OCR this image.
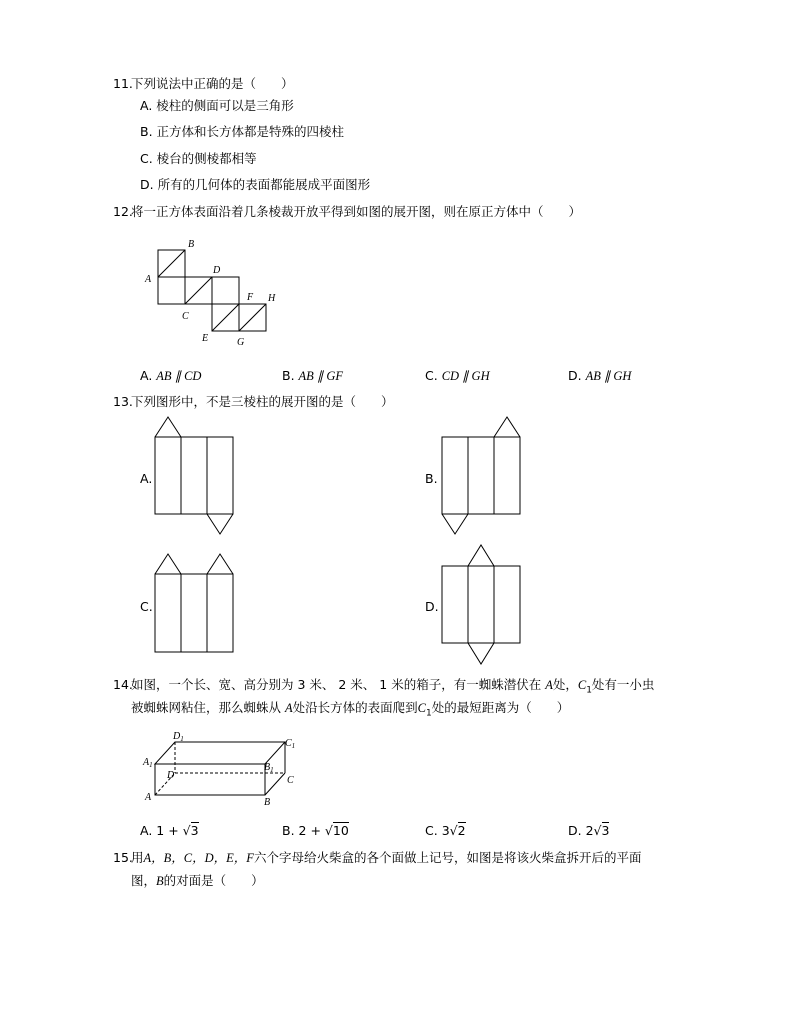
11.
下列说法中正确的是（　　）
A. 棱柱的侧面可以是三角形
B. 正方体和长方体都是特殊的四棱柱
C. 棱台的侧棱都相等
D. 所有的几何体的表面都能展成平面图形
12.
将一正方体表面沿着几条棱裁开放平得到如图的展开图，则在原正方体中（　　）
B
A
D
C
F H
E	G
A. AB ∥ CD	B. AB ∥ GF	C. CD ∥ GH	D. AB ∥ GH
13.
下列图形中，不是三棱柱的展开图的是（　　）
A.	B.
C.	D.
14.
如图，一个长、宽、高分别为 3 米、 2 米、 1 米的箱子，有一蜘蛛潜伏在 A处，$C_1$处有一小虫
被蜘蛛网粘住，那么蜘蛛从 A处沿长方体的表面爬到$C_1$处的最短距离为（　　）
$D_1$	$C_1$
$A_1$	$B_1$
D	C
A	B
A. 1 + √3	B. 2 + √10	C. 3√2	D. 2√3
15.
用A，B，C，D，E，F六个字母给火柴盒的各个面做上记号，如图是将该火柴盒拆开后的平面
图，B的对面是（　　）
